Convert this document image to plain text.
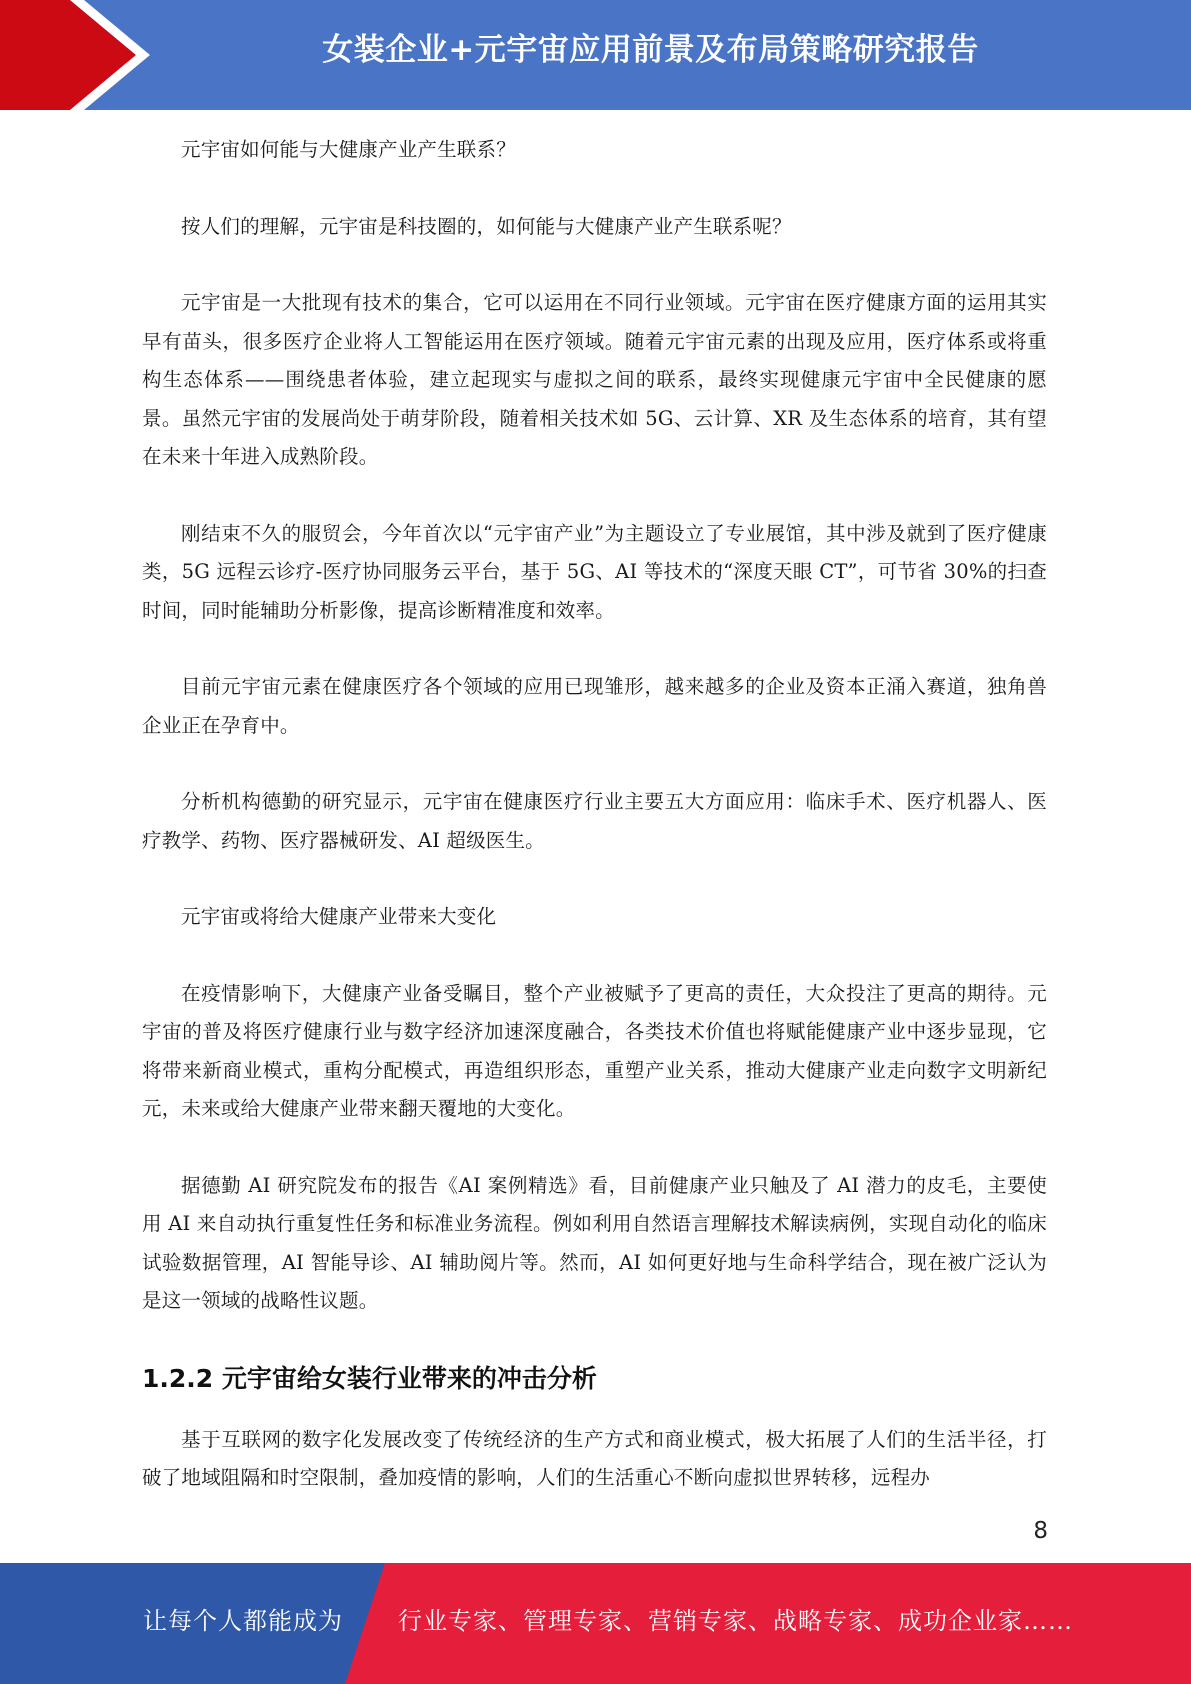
女装企业+元宇宙应用前景及布局策略研究报告

元宇宙如何能与大健康产业产生联系？

按人们的理解，元宇宙是科技圈的，如何能与大健康产业产生联系呢？

元宇宙是一大批现有技术的集合，它可以运用在不同行业领域。元宇宙在医疗健康方面的运用其实早有苗头，很多医疗企业将人工智能运用在医疗领域。随着元宇宙元素的出现及应用，医疗体系或将重构生态体系——围绕患者体验，建立起现实与虚拟之间的联系，最终实现健康元宇宙中全民健康的愿景。虽然元宇宙的发展尚处于萌芽阶段，随着相关技术如 5G、云计算、XR 及生态体系的培育，其有望在未来十年进入成熟阶段。

刚结束不久的服贸会，今年首次以“元宇宙产业”为主题设立了专业展馆，其中涉及就到了医疗健康类，5G 远程云诊疗-医疗协同服务云平台，基于 5G、AI 等技术的“深度天眼 CT”，可节省 30%的扫查时间，同时能辅助分析影像，提高诊断精准度和效率。

目前元宇宙元素在健康医疗各个领域的应用已现雏形，越来越多的企业及资本正涌入赛道，独角兽企业正在孕育中。

分析机构德勤的研究显示，元宇宙在健康医疗行业主要五大方面应用：临床手术、医疗机器人、医疗教学、药物、医疗器械研发、AI 超级医生。

元宇宙或将给大健康产业带来大变化

在疫情影响下，大健康产业备受瞩目，整个产业被赋予了更高的责任，大众投注了更高的期待。元宇宙的普及将医疗健康行业与数字经济加速深度融合，各类技术价值也将赋能健康产业中逐步显现，它将带来新商业模式，重构分配模式，再造组织形态，重塑产业关系，推动大健康产业走向数字文明新纪元，未来或给大健康产业带来翻天覆地的大变化。

据德勤 AI 研究院发布的报告《AI 案例精选》看，目前健康产业只触及了 AI 潜力的皮毛，主要使用 AI 来自动执行重复性任务和标准业务流程。例如利用自然语言理解技术解读病例，实现自动化的临床试验数据管理，AI 智能导诊、AI 辅助阅片等。然而，AI 如何更好地与生命科学结合，现在被广泛认为是这一领域的战略性议题。

1.2.2 元宇宙给女装行业带来的冲击分析

基于互联网的数字化发展改变了传统经济的生产方式和商业模式，极大拓展了人们的生活半径，打破了地域阻隔和时空限制，叠加疫情的影响，人们的生活重心不断向虚拟世界转移，远程办

8
让每个人都能成为 行业专家、管理专家、营销专家、战略专家、成功企业家……
